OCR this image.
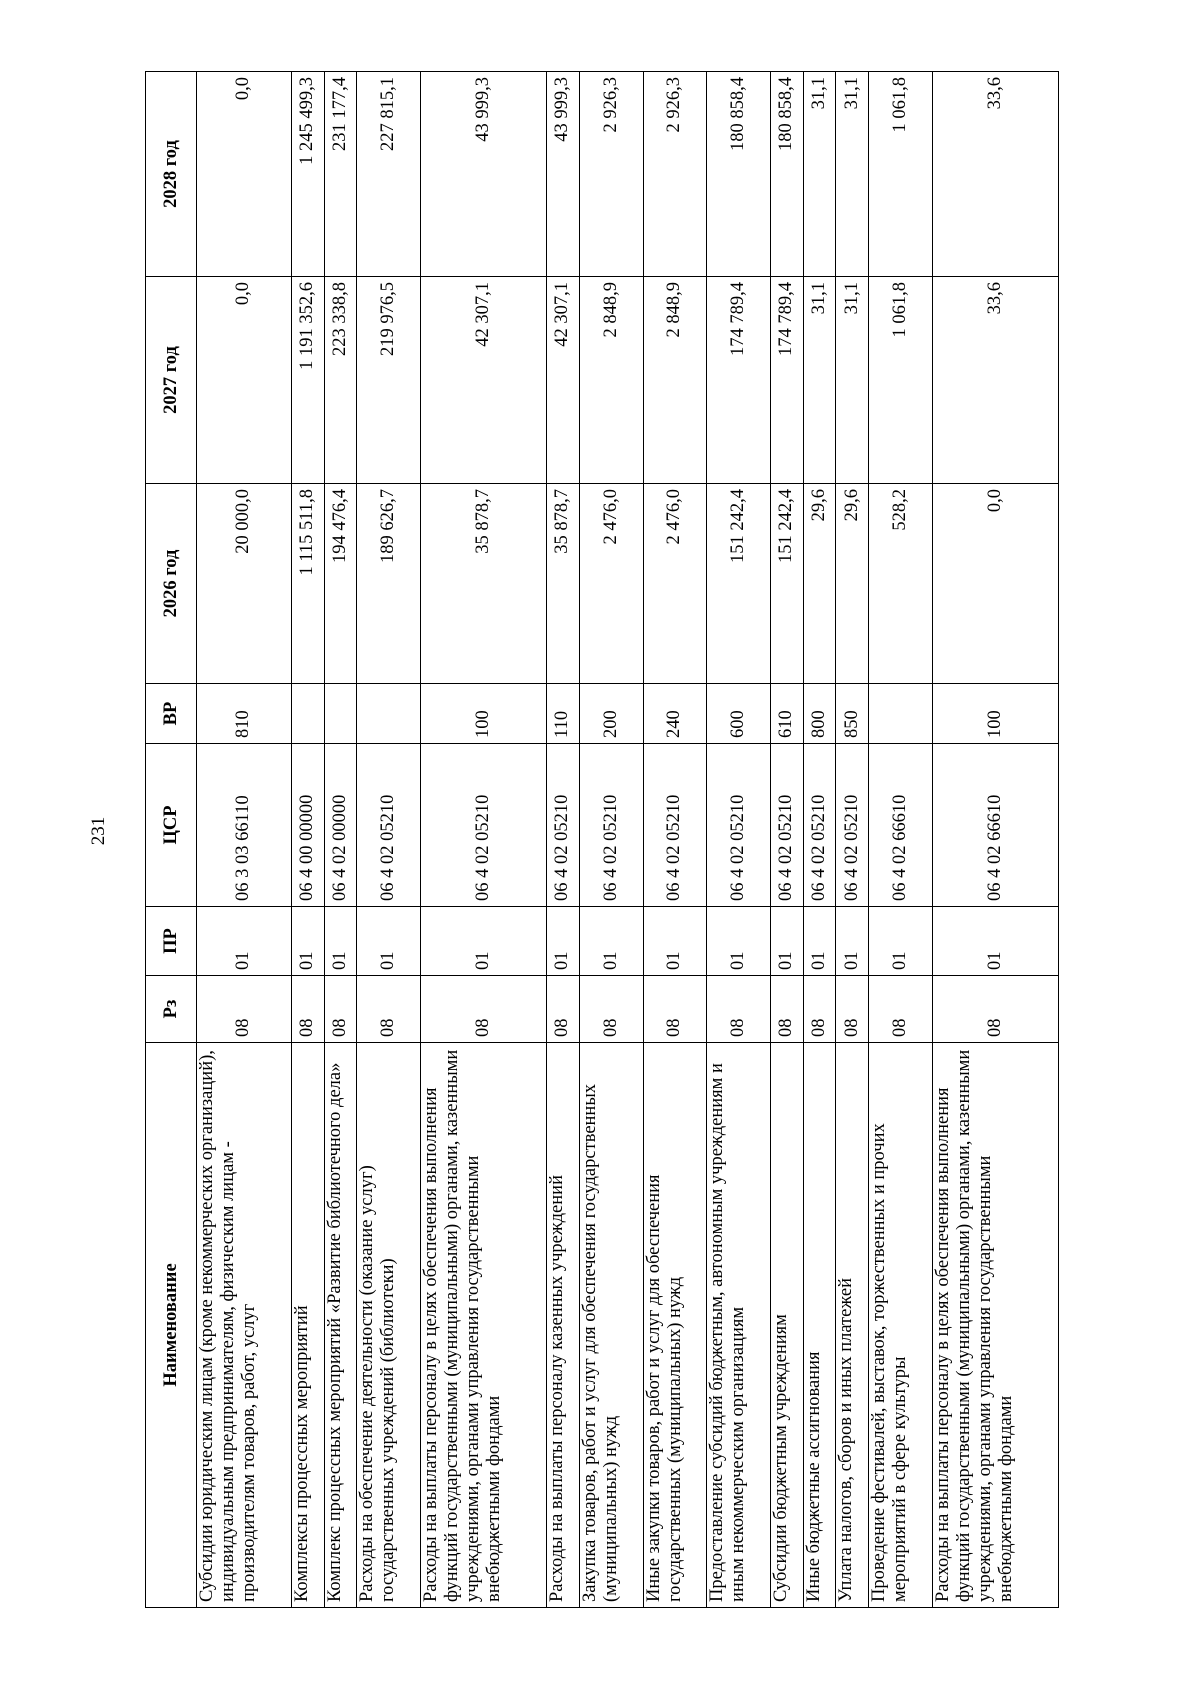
231
Наименование	Рз	ПР	ЦСР	ВР	2026 год	2027 год	2028 год
Субсидии юридическим лицам (кроме некоммерческих организаций), индивидуальным предпринимателям, физическим лицам - производителям товаров, работ, услуг	08	01	06 3 03 66110	810	20 000,0	0,0	0,0
Комплексы процессных мероприятий	08	01	06 4 00 00000		1 115 511,8	1 191 352,6	1 245 499,3
Комплекс процессных мероприятий «Развитие библиотечного дела»	08	01	06 4 02 00000		194 476,4	223 338,8	231 177,4
Расходы на обеспечение деятельности (оказание услуг) государственных учреждений (библиотеки)	08	01	06 4 02 05210		189 626,7	219 976,5	227 815,1
Расходы на выплаты персоналу в целях обеспечения выполнения функций государственными (муниципальными) органами, казенными учреждениями, органами управления государственными внебюджетными фондами	08	01	06 4 02 05210	100	35 878,7	42 307,1	43 999,3
Расходы на выплаты персоналу казенных учреждений	08	01	06 4 02 05210	110	35 878,7	42 307,1	43 999,3
Закупка товаров, работ и услуг для обеспечения государственных (муниципальных) нужд	08	01	06 4 02 05210	200	2 476,0	2 848,9	2 926,3
Иные закупки товаров, работ и услуг для обеспечения государственных (муниципальных) нужд	08	01	06 4 02 05210	240	2 476,0	2 848,9	2 926,3
Предоставление субсидий бюджетным, автономным учреждениям и иным некоммерческим организациям	08	01	06 4 02 05210	600	151 242,4	174 789,4	180 858,4
Субсидии бюджетным учреждениям	08	01	06 4 02 05210	610	151 242,4	174 789,4	180 858,4
Иные бюджетные ассигнования	08	01	06 4 02 05210	800	29,6	31,1	31,1
Уплата налогов, сборов и иных платежей	08	01	06 4 02 05210	850	29,6	31,1	31,1
Проведение фестивалей, выставок, торжественных и прочих мероприятий в сфере культуры	08	01	06 4 02 66610		528,2	1 061,8	1 061,8
Расходы на выплаты персоналу в целях обеспечения выполнения функций государственными (муниципальными) органами, казенными учреждениями, органами управления государственными внебюджетными фондами	08	01	06 4 02 66610	100	0,0	33,6	33,6
